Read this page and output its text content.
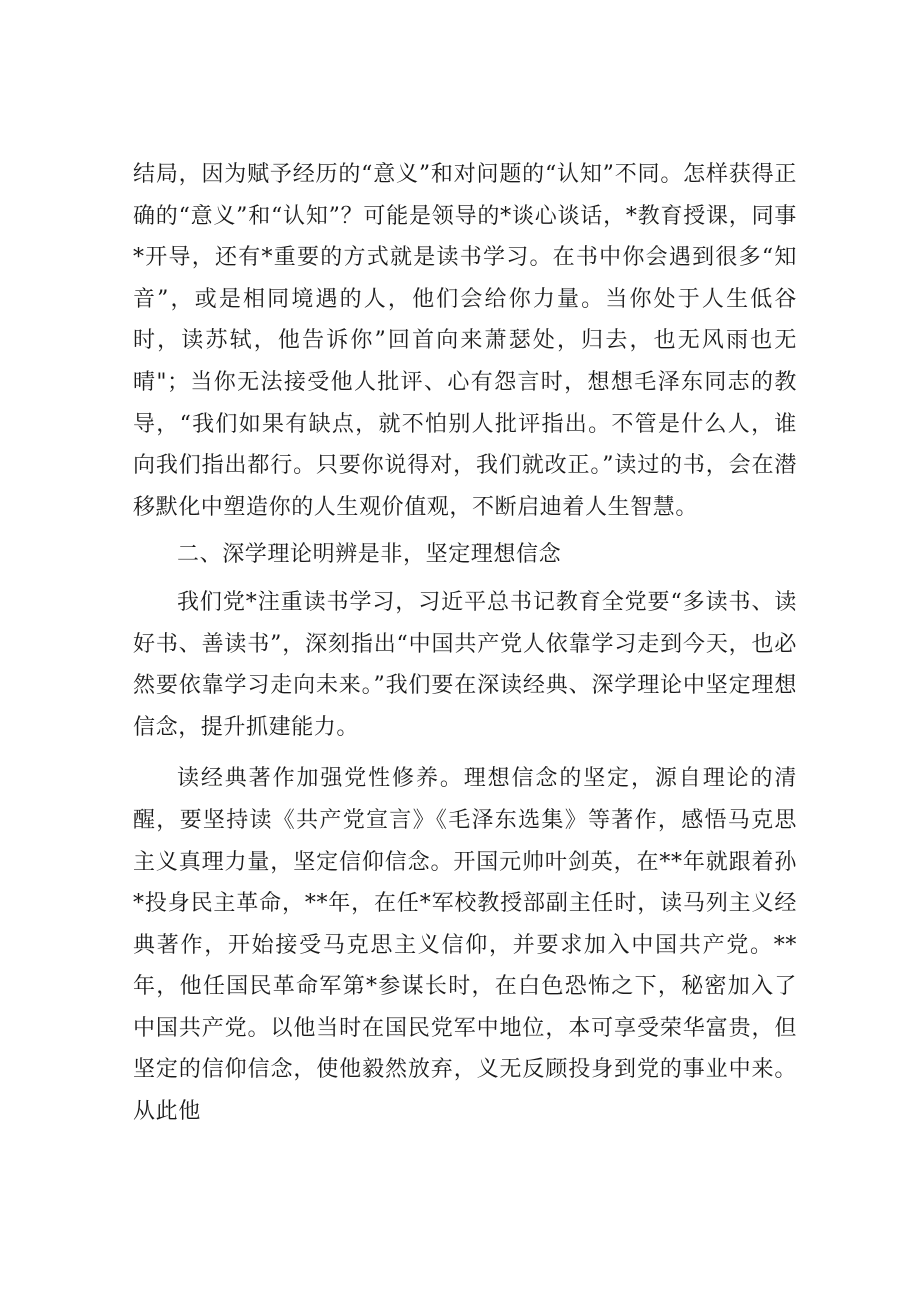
结局，因为赋予经历的“意义”和对问题的“认知”不同。怎样获得正确的“意义”和“认知”？可能是领导的*谈心谈话，*教育授课，同事*开导，还有*重要的方式就是读书学习。在书中你会遇到很多“知音”，或是相同境遇的人，他们会给你力量。当你处于人生低谷时，读苏轼，他告诉你”回首向来萧瑟处，归去，也无风雨也无晴"；当你无法接受他人批评、心有怨言时，想想毛泽东同志的教导，“我们如果有缺点，就不怕别人批评指出。不管是什么人，谁向我们指出都行。只要你说得对，我们就改正。”读过的书，会在潜移默化中塑造你的人生观价值观，不断启迪着人生智慧。

二、深学理论明辨是非，坚定理想信念

我们党*注重读书学习，习近平总书记教育全党要“多读书、读好书、善读书”，深刻指出“中国共产党人依靠学习走到今天，也必然要依靠学习走向未来。”我们要在深读经典、深学理论中坚定理想信念，提升抓建能力。

读经典著作加强党性修养。理想信念的坚定，源自理论的清醒，要坚持读《共产党宣言》《毛泽东选集》等著作，感悟马克思主义真理力量，坚定信仰信念。开国元帅叶剑英，在**年就跟着孙*投身民主革命，**年，在任*军校教授部副主任时，读马列主义经典著作，开始接受马克思主义信仰，并要求加入中国共产党。**年，他任国民革命军第*参谋长时，在白色恐怖之下，秘密加入了中国共产党。以他当时在国民党军中地位，本可享受荣华富贵，但坚定的信仰信念，使他毅然放弃，义无反顾投身到党的事业中来。从此他
